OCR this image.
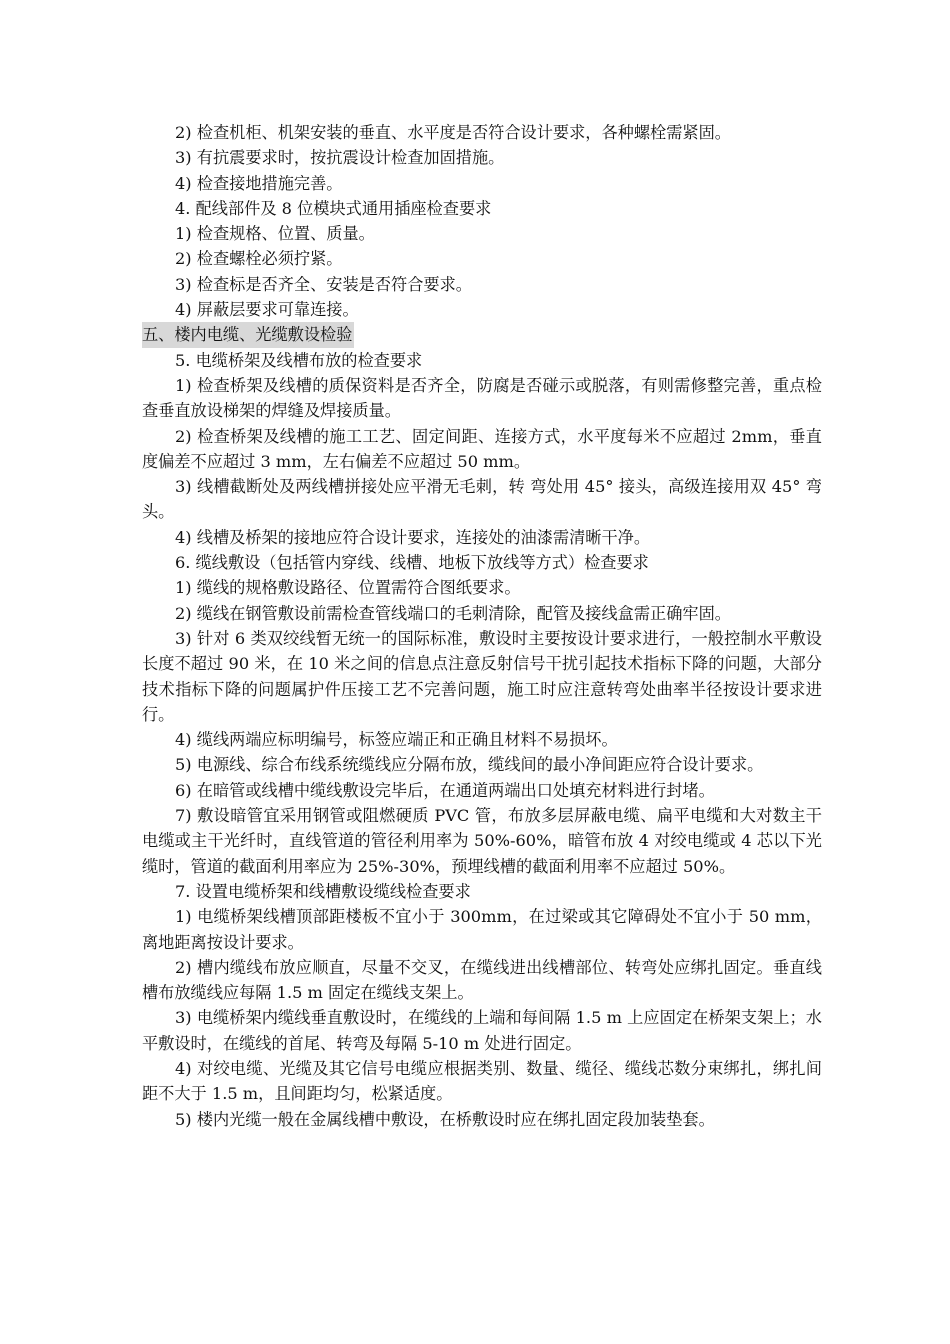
2) 检查机柜、机架安装的垂直、水平度是否符合设计要求，各种螺栓需紧固。

3) 有抗震要求时，按抗震设计检查加固措施。

4) 检查接地措施完善。

4. 配线部件及 8 位模块式通用插座检查要求

1) 检查规格、位置、质量。

2) 检查螺栓必须拧紧。

3) 检查标是否齐全、安装是否符合要求。

4) 屏蔽层要求可靠连接。

五、楼内电缆、光缆敷设检验

5. 电缆桥架及线槽布放的检查要求

1) 检查桥架及线槽的质保资料是否齐全，防腐是否碰示或脱落，有则需修整完善，重点检查垂直放设梯架的焊缝及焊接质量。

2) 检查桥架及线槽的施工工艺、固定间距、连接方式，水平度每米不应超过 2mm，垂直度偏差不应超过 3 mm，左右偏差不应超过 50 mm。

3) 线槽截断处及两线槽拼接处应平滑无毛刺，转 弯处用 45° 接头，高级连接用双 45° 弯头。

4) 线槽及桥架的接地应符合设计要求，连接处的油漆需清晰干净。

6. 缆线敷设（包括管内穿线、线槽、地板下放线等方式）检查要求

1) 缆线的规格敷设路径、位置需符合图纸要求。

2) 缆线在钢管敷设前需检查管线端口的毛刺清除，配管及接线盒需正确牢固。

3) 针对 6 类双绞线暂无统一的国际标准，敷设时主要按设计要求进行，一般控制水平敷设长度不超过 90 米，在 10 米之间的信息点注意反射信号干扰引起技术指标下降的问题，大部分技术指标下降的问题属护件压接工艺不完善问题，施工时应注意转弯处曲率半径按设计要求进行。

4) 缆线两端应标明编号，标签应端正和正确且材料不易损坏。

5) 电源线、综合布线系统缆线应分隔布放，缆线间的最小净间距应符合设计要求。

6) 在暗管或线槽中缆线敷设完毕后，在通道两端出口处填充材料进行封堵。

7) 敷设暗管宜采用钢管或阻燃硬质 PVC 管，布放多层屏蔽电缆、扁平电缆和大对数主干电缆或主干光纤时，直线管道的管径利用率为 50%-60%，暗管布放 4 对绞电缆或 4 芯以下光缆时，管道的截面利用率应为 25%-30%，预埋线槽的截面利用率不应超过 50%。

7. 设置电缆桥架和线槽敷设缆线检查要求

1) 电缆桥架线槽顶部距楼板不宜小于 300mm，在过梁或其它障碍处不宜小于 50 mm，离地距离按设计要求。

2) 槽内缆线布放应顺直，尽量不交叉，在缆线进出线槽部位、转弯处应绑扎固定。垂直线槽布放缆线应每隔 1.5 m 固定在缆线支架上。

3) 电缆桥架内缆线垂直敷设时，在缆线的上端和每间隔 1.5 m 上应固定在桥架支架上；水平敷设时，在缆线的首尾、转弯及每隔 5-10 m 处进行固定。

4) 对绞电缆、光缆及其它信号电缆应根据类别、数量、缆径、缆线芯数分束绑扎，绑扎间距不大于 1.5 m，且间距均匀，松紧适度。

5) 楼内光缆一般在金属线槽中敷设，在桥敷设时应在绑扎固定段加装垫套。
